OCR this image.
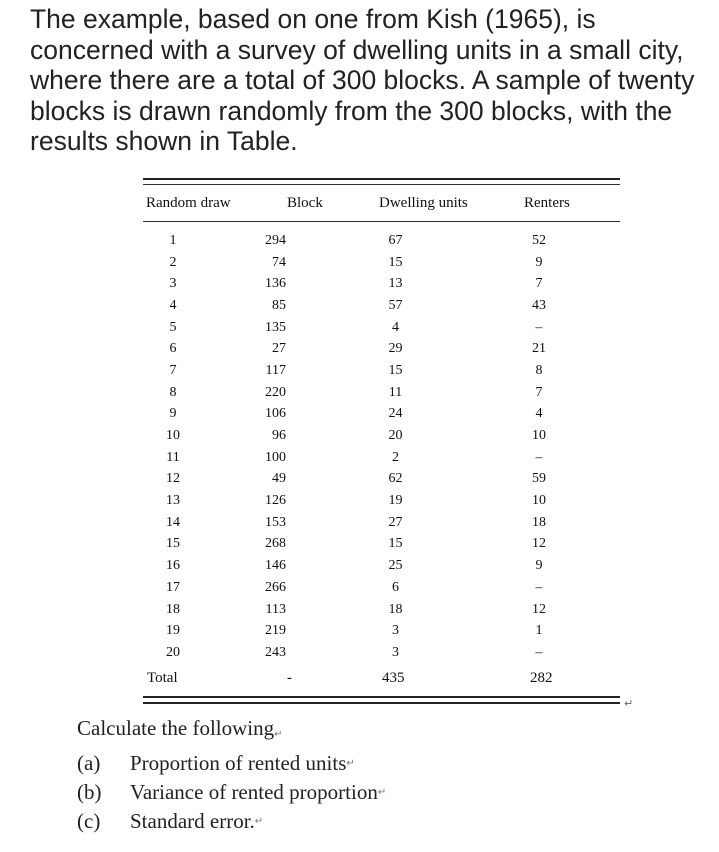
The example, based on one from Kish (1965), is concerned with a survey of dwelling units in a small city, where there are a total of 300 blocks. A sample of twenty blocks is drawn randomly from the 300 blocks, with the results shown in Table.
Random draw	Block	Dwelling units	Renters
1	294	67	52
2	74	15	9
3	136	13	7
4	85	57	43
5	135	4	–
6	27	29	21
7	117	15	8
8	220	11	7
9	106	24	4
10	96	20	10
11	100	2	–
12	49	62	59
13	126	19	10
14	153	27	18
15	268	15	12
16	146	25	9
17	266	6	–
18	113	18	12
19	219	3	1
20	243	3	–
Total	-	435	282
↵
Calculate the following↵
(a)	Proportion of rented units ↵
(b)	Variance of rented proportion ↵
(c)	Standard error. ↵
